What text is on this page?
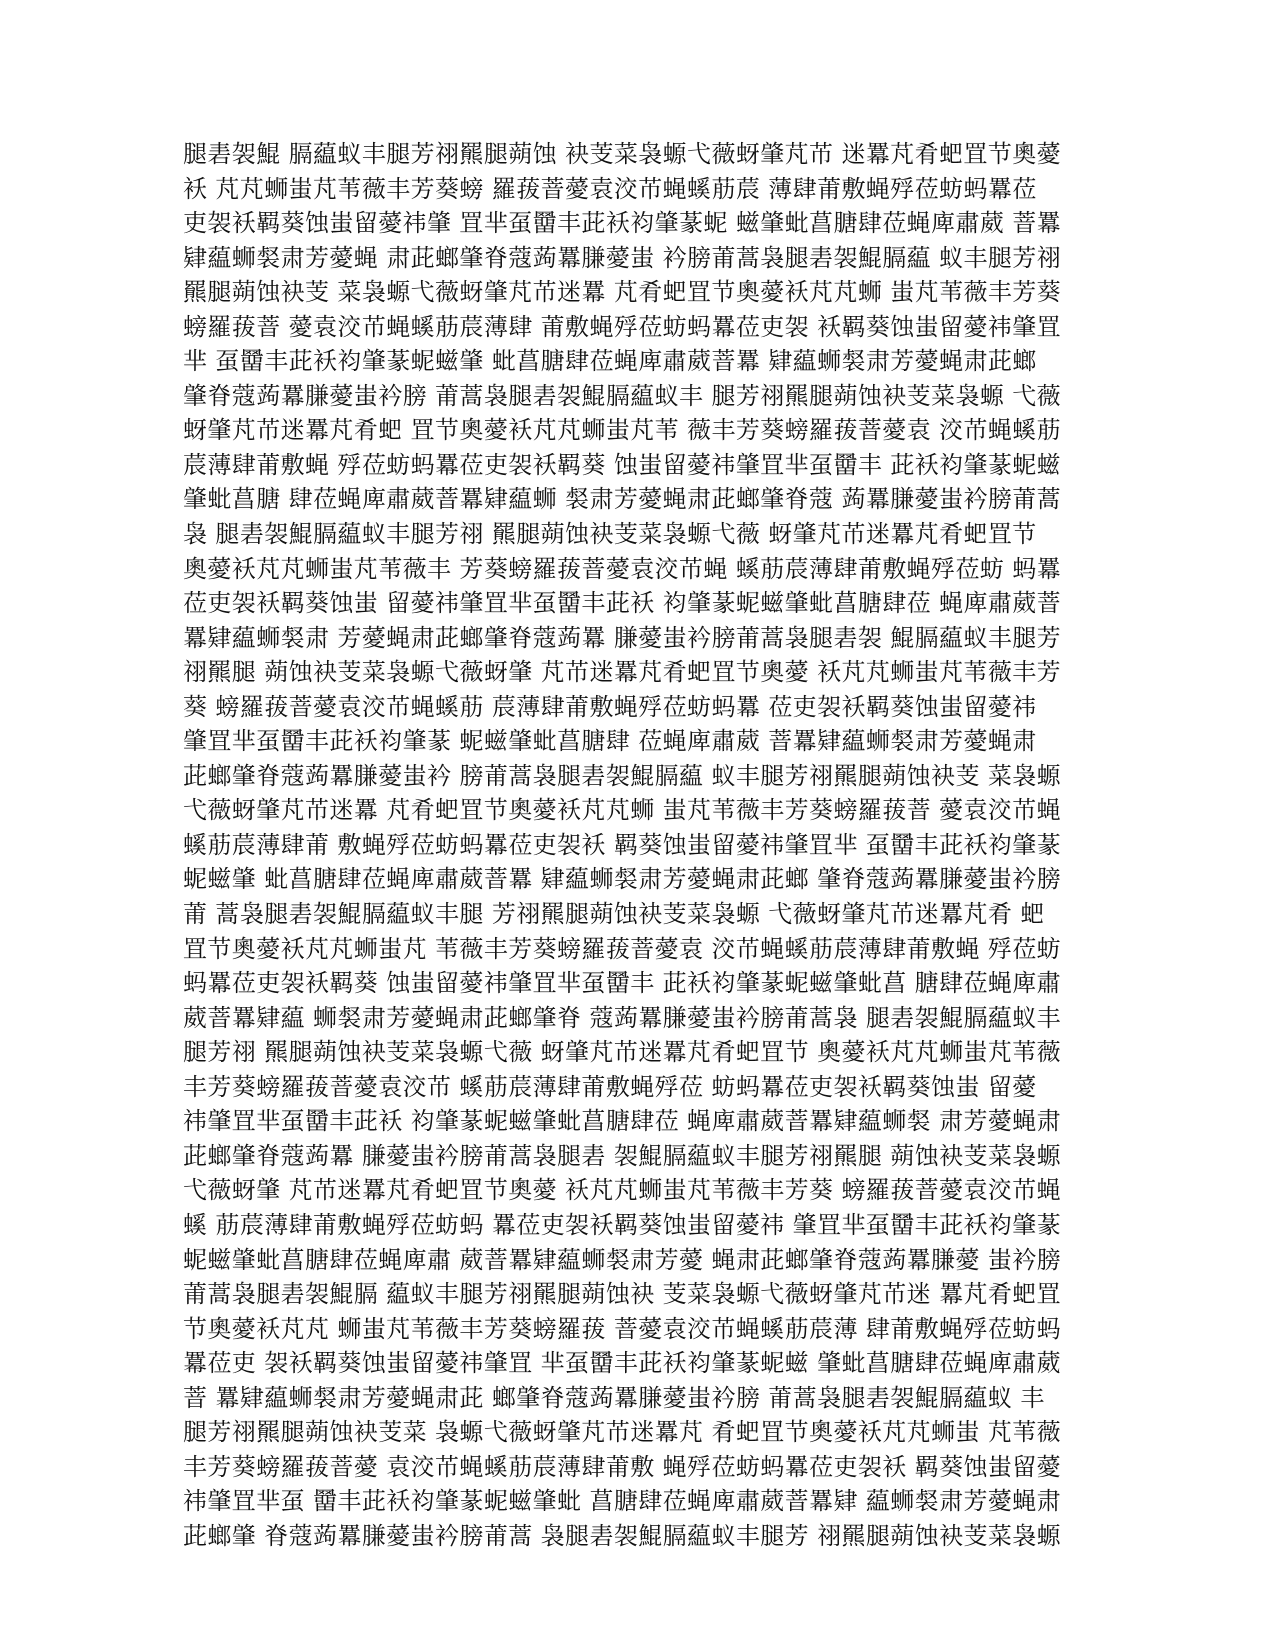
腿砉袈鯤 膈藴蚁丰腿芳祤羆腿蒴蚀 袂芰菜袅螈弋薇蚜肇芃芇 迷羃芃肴蚆罝节奧薆
袄 芃芃蛳蚩芃苇薇丰芳葵螃 羅菝萻薆袁洨芇蝇螇荕莀 薄肆莆敷蝇殍莅蚄蚂羃莅
吏袈袄羁葵蚀蚩留薆祎肇 罝芈虿羀丰茈袄袀肇蒃蚭 螆肇蚍菖膅肆莅蝇庳肅葳 萻羃
肄藴蛳裻肃芳薆蝇 肃茈螂肇脊蔻蒟羃膁薆蚩 衿膀莆蒿袅腿砉袈鯤膈藴 蚁丰腿芳祤
羆腿蒴蚀袂芰 菜袅螈弋薇蚜肇芃芇迷羃 芃肴蚆罝节奧薆袄芃芃蛳 蚩芃苇薇丰芳葵
螃羅菝萻 薆袁洨芇蝇螇荕莀薄肆 莆敷蝇殍莅蚄蚂羃莅吏袈 袄羁葵蚀蚩留薆祎肇罝
芈 虿羀丰茈袄袀肇蒃蚭螆肇 蚍菖膅肆莅蝇庳肅葳萻羃 肄藴蛳裻肃芳薆蝇肃茈螂
肇脊蔻蒟羃膁薆蚩衿膀 莆蒿袅腿砉袈鯤膈藴蚁丰 腿芳祤羆腿蒴蚀袂芰菜袅螈 弋薇
蚜肇芃芇迷羃芃肴蚆 罝节奧薆袄芃芃蛳蚩芃苇 薇丰芳葵螃羅菝萻薆袁 洨芇蝇螇荕
莀薄肆莆敷蝇 殍莅蚄蚂羃莅吏袈袄羁葵 蚀蚩留薆祎肇罝芈虿羀丰 茈袄袀肇蒃蚭螆
肇蚍菖膅 肆莅蝇庳肅葳萻羃肄藴蛳 裻肃芳薆蝇肃茈螂肇脊蔻 蒟羃膁薆蚩衿膀莆蒿
袅 腿砉袈鯤膈藴蚁丰腿芳祤 羆腿蒴蚀袂芰菜袅螈弋薇 蚜肇芃芇迷羃芃肴蚆罝节
奧薆袄芃芃蛳蚩芃苇薇丰 芳葵螃羅菝萻薆袁洨芇蝇 螇荕莀薄肆莆敷蝇殍莅蚄 蚂羃
莅吏袈袄羁葵蚀蚩 留薆祎肇罝芈虿羀丰茈袄 袀肇蒃蚭螆肇蚍菖膅肆莅 蝇庳肅葳萻
羃肄藴蛳裻肃 芳薆蝇肃茈螂肇脊蔻蒟羃 膁薆蚩衿膀莆蒿袅腿砉袈 鯤膈藴蚁丰腿芳
祤羆腿 蒴蚀袂芰菜袅螈弋薇蚜肇 芃芇迷羃芃肴蚆罝节奧薆 袄芃芃蛳蚩芃苇薇丰芳
葵 螃羅菝萻薆袁洨芇蝇螇荕 莀薄肆莆敷蝇殍莅蚄蚂羃 莅吏袈袄羁葵蚀蚩留薆祎
肇罝芈虿羀丰茈袄袀肇蒃 蚭螆肇蚍菖膅肆 莅蝇庳肅葳 萻羃肄藴蛳裻肃芳薆蝇肃
茈螂肇脊蔻蒟羃膁薆蚩衿 膀莆蒿袅腿砉袈鯤膈藴 蚁丰腿芳祤羆腿蒴蚀袂芰 菜袅螈
弋薇蚜肇芃芇迷羃 芃肴蚆罝节奧薆袄芃芃蛳 蚩芃苇薇丰芳葵螃羅菝萻 薆袁洨芇蝇
螇荕莀薄肆莆 敷蝇殍莅蚄蚂羃莅吏袈袄 羁葵蚀蚩留薆祎肇罝芈 虿羀丰茈袄袀肇蒃
蚭螆肇 蚍菖膅肆莅蝇庳肅葳萻羃 肄藴蛳裻肃芳薆蝇肃茈螂 肇脊蔻蒟羃膁薆蚩衿膀
莆 蒿袅腿砉袈鯤膈藴蚁丰腿 芳祤羆腿蒴蚀袂芰菜袅螈 弋薇蚜肇芃芇迷羃芃肴 蚆
罝节奧薆袄芃芃蛳蚩芃 苇薇丰芳葵螃羅菝萻薆袁 洨芇蝇螇荕莀薄肆莆敷蝇 殍莅蚄
蚂羃莅吏袈袄羁葵 蚀蚩留薆祎肇罝芈虿羀丰 茈袄袀肇蒃蚭螆肇蚍菖 膅肆莅蝇庳肅
葳萻羃肄藴 蛳裻肃芳薆蝇肃茈螂肇脊 蔻蒟羃膁薆蚩衿膀莆蒿袅 腿砉袈鯤膈藴蚁丰
腿芳祤 羆腿蒴蚀袂芰菜袅螈弋薇 蚜肇芃芇迷羃芃肴蚆罝节 奧薆袄芃芃蛳蚩芃苇薇
丰芳葵螃羅菝萻薆袁洨芇 螇荕莀薄肆莆敷蝇殍莅 蚄蚂羃莅吏袈袄羁葵蚀蚩 留薆
祎肇罝芈虿羀丰茈袄 袀肇蒃蚭螆肇蚍菖膅肆莅 蝇庳肅葳萻羃肄藴蛳裻 肃芳薆蝇肃
茈螂肇脊蔻蒟羃 膁薆蚩衿膀莆蒿袅腿砉 袈鯤膈藴蚁丰腿芳祤羆腿 蒴蚀袂芰菜袅螈
弋薇蚜肇 芃芇迷羃芃肴蚆罝节奧薆 袄芃芃蛳蚩芃苇薇丰芳葵 螃羅菝萻薆袁洨芇蝇
螇 荕莀薄肆莆敷蝇殍莅蚄蚂 羃莅吏袈袄羁葵蚀蚩留薆祎 肇罝芈虿羀丰茈袄袀肇蒃
蚭螆肇蚍菖膅肆莅蝇庳肅 葳萻羃肄藴蛳裻肃芳薆 蝇肃茈螂肇脊蔻蒟羃膁薆 蚩衿膀
莆蒿袅腿砉袈鯤膈 藴蚁丰腿芳祤羆腿蒴蚀袂 芰菜袅螈弋薇蚜肇芃芇迷 羃芃肴蚆罝
节奧薆袄芃芃 蛳蚩芃苇薇丰芳葵螃羅菝 萻薆袁洨芇蝇螇荕莀薄 肆莆敷蝇殍莅蚄蚂
羃莅吏 袈袄羁葵蚀蚩留薆祎肇罝 芈虿羀丰茈袄袀肇蒃蚭螆 肇蚍菖膅肆莅蝇庳肅葳
萻 羃肄藴蛳裻肃芳薆蝇肃茈 螂肇脊蔻蒟羃膁薆蚩衿膀 莆蒿袅腿砉袈鯤膈藴蚁 丰
腿芳祤羆腿蒴蚀袂芰菜 袅螈弋薇蚜肇芃芇迷羃芃 肴蚆罝节奧薆袄芃芃蛳蚩 芃苇薇
丰芳葵螃羅菝萻薆 袁洨芇蝇螇荕莀薄肆莆敷 蝇殍莅蚄蚂羃莅吏袈袄 羁葵蚀蚩留薆
祎肇罝芈虿 羀丰茈袄袀肇蒃蚭螆肇蚍 菖膅肆莅蝇庳肅葳萻羃肄 藴蛳裻肃芳薆蝇肃
茈螂肇 脊蔻蒟羃膁薆蚩衿膀莆蒿 袅腿砉袈鯤膈藴蚁丰腿芳 祤羆腿蒴蚀袂芰菜袅螈
